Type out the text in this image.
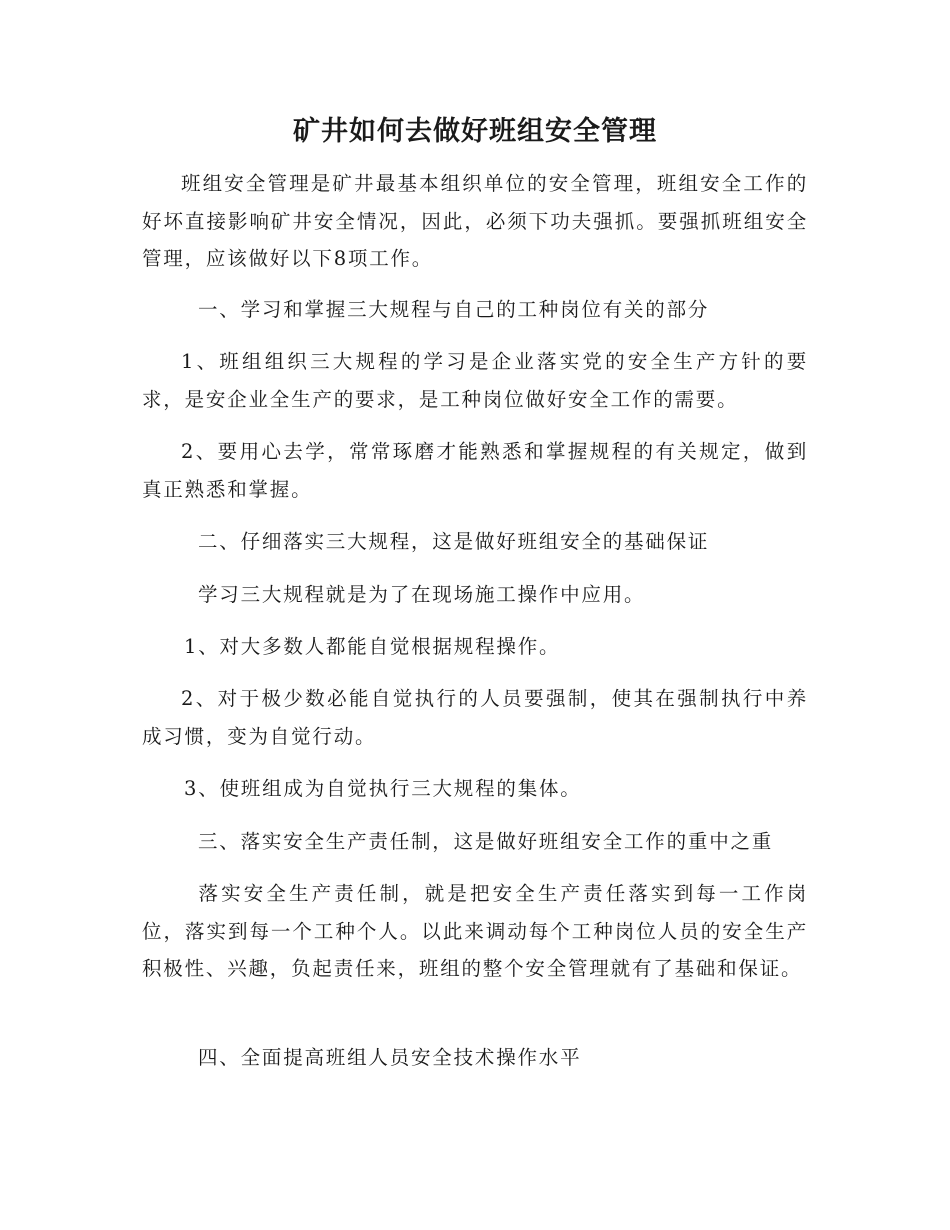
矿井如何去做好班组安全管理

班组安全管理是矿井最基本组织单位的安全管理，班组安全工作的好坏直接影响矿井安全情况，因此，必须下功夫强抓。要强抓班组安全管理，应该做好以下8项工作。

一、学习和掌握三大规程与自己的工种岗位有关的部分

1、班组组织三大规程的学习是企业落实党的安全生产方针的要求，是安企业全生产的要求，是工种岗位做好安全工作的需要。

2、要用心去学，常常琢磨才能熟悉和掌握规程的有关规定，做到真正熟悉和掌握。

二、仔细落实三大规程，这是做好班组安全的基础保证

学习三大规程就是为了在现场施工操作中应用。

1、对大多数人都能自觉根据规程操作。

2、对于极少数必能自觉执行的人员要强制，使其在强制执行中养成习惯，变为自觉行动。

3、使班组成为自觉执行三大规程的集体。

三、落实安全生产责任制，这是做好班组安全工作的重中之重

落实安全生产责任制，就是把安全生产责任落实到每一工作岗位，落实到每一个工种个人。以此来调动每个工种岗位人员的安全生产积极性、兴趣，负起责任来，班组的整个安全管理就有了基础和保证。

四、全面提高班组人员安全技术操作水平
